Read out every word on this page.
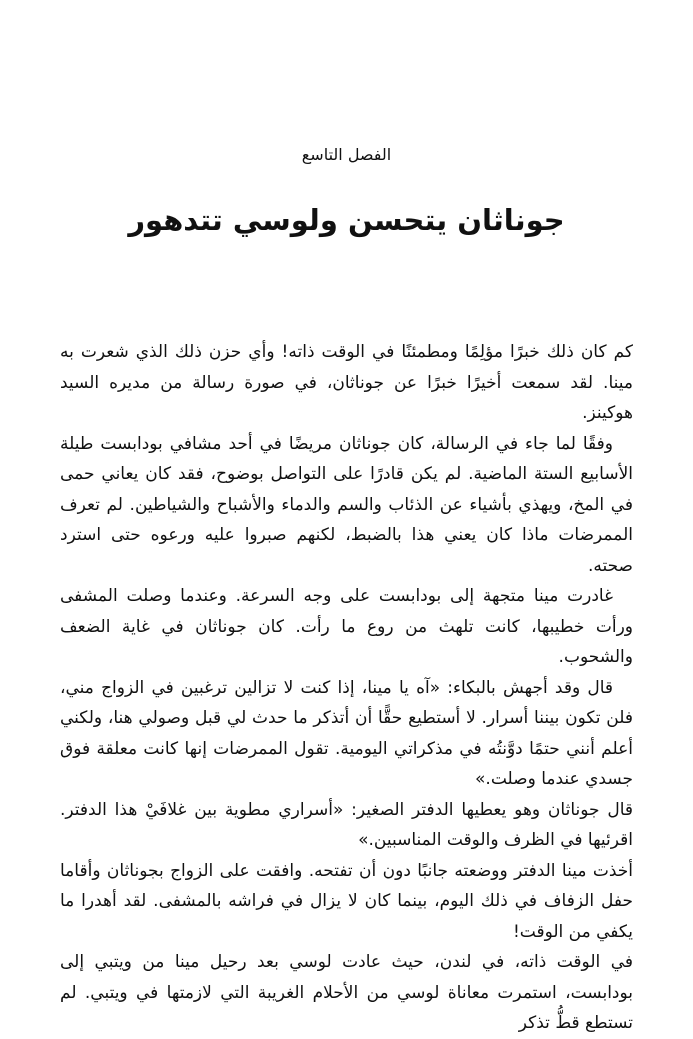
الفصل التاسع
جوناثان يتحسن ولوسي تتدهور

كم كان ذلك خبرًا مؤلِمًا ومطمئنًا في الوقت ذاته! وأي حزن ذلك الذي شعرت به مينا. لقد سمعت أخيرًا خبرًا عن جوناثان، في صورة رسالة من مديره السيد هوكينز.

وفقًا لما جاء في الرسالة، كان جوناثان مريضًا في أحد مشافي بودابست طيلة الأسابيع الستة الماضية. لم يكن قادرًا على التواصل بوضوح، فقد كان يعاني حمى في المخ، ويهذي بأشياء عن الذئاب والسم والدماء والأشباح والشياطين. لم تعرف الممرضات ماذا كان يعني هذا بالضبط، لكنهم صبروا عليه ورعوه حتى استرد صحته.

غادرت مينا متجهة إلى بودابست على وجه السرعة. وعندما وصلت المشفى ورأت خطيبها، كانت تلهث من روع ما رأت. كان جوناثان في غاية الضعف والشحوب.

قال وقد أجهش بالبكاء: «آه يا مينا، إذا كنت لا تزالين ترغبين في الزواج مني، فلن تكون بيننا أسرار. لا أستطيع حقًّا أن أتذكر ما حدث لي قبل وصولي هنا، ولكني أعلم أنني حتمًا دوَّنتُه في مذكراتي اليومية. تقول الممرضات إنها كانت معلقة فوق جسدي عندما وصلت.»

قال جوناثان وهو يعطيها الدفتر الصغير: «أسراري مطوية بين غلافَيْ هذا الدفتر. اقرئيها في الظرف والوقت المناسبين.»

أخذت مينا الدفتر ووضعته جانبًا دون أن تفتحه. وافقت على الزواج بجوناثان وأقاما حفل الزفاف في ذلك اليوم، بينما كان لا يزال في فراشه بالمشفى. لقد أهدرا ما يكفي من الوقت!

في الوقت ذاته، في لندن، حيث عادت لوسي بعد رحيل مينا من ويتبي إلى بودابست، استمرت معاناة لوسي من الأحلام الغريبة التي لازمتها في ويتبي. لم تستطع قطُّ تذكر
